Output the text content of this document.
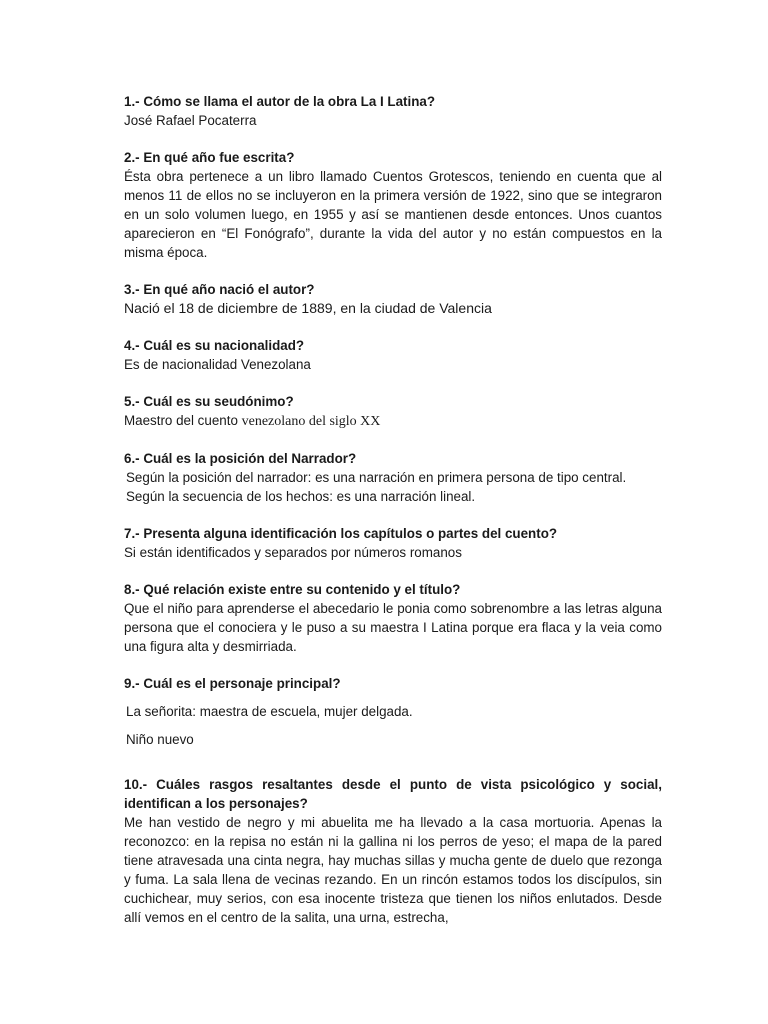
1.- Cómo se llama el autor de la obra La I Latina?

José Rafael Pocaterra

2.- En qué año fue escrita?

Ésta obra pertenece a un libro llamado Cuentos Grotescos, teniendo en cuenta que al menos 11 de ellos no se incluyeron en la primera versión de 1922, sino que se integraron en un solo volumen luego, en 1955 y así se mantienen desde entonces. Unos cuantos aparecieron en “El Fonógrafo”, durante la vida del autor y no están compuestos en la misma época.

3.- En qué año nació el autor?

Nació el 18 de diciembre de 1889, en la ciudad de Valencia

4.- Cuál es su nacionalidad?

Es de nacionalidad Venezolana

5.- Cuál es su seudónimo?

Maestro del cuento venezolano del siglo XX

6.- Cuál es la posición del Narrador?

Según la posición del narrador: es una narración en primera persona de tipo central.

Según la secuencia de los hechos: es una narración lineal.

7.- Presenta alguna identificación los capítulos o partes del cuento?

Si están identificados y separados por números romanos

8.- Qué relación existe entre su contenido y el título?

Que el niño para aprenderse el abecedario le ponia como sobrenombre a las letras alguna persona que el conociera y le puso a su maestra I Latina porque era flaca y la veia como una figura alta y desmirriada.

9.- Cuál es el personaje principal?

La señorita: maestra de escuela, mujer delgada.

Niño nuevo

10.- Cuáles rasgos resaltantes desde el punto de vista psicológico y social, identifican a los personajes?

Me han vestido de negro y mi abuelita me ha llevado a la casa mortuoria. Apenas la reconozco: en la repisa no están ni la gallina ni los perros de yeso; el mapa de la pared tiene atravesada una cinta negra, hay muchas sillas y mucha gente de duelo que rezonga y fuma. La sala llena de vecinas rezando. En un rincón estamos todos los discípulos, sin cuchichear, muy serios, con esa inocente tristeza que tienen los niños enlutados. Desde allí vemos en el centro de la salita, una urna, estrecha,
